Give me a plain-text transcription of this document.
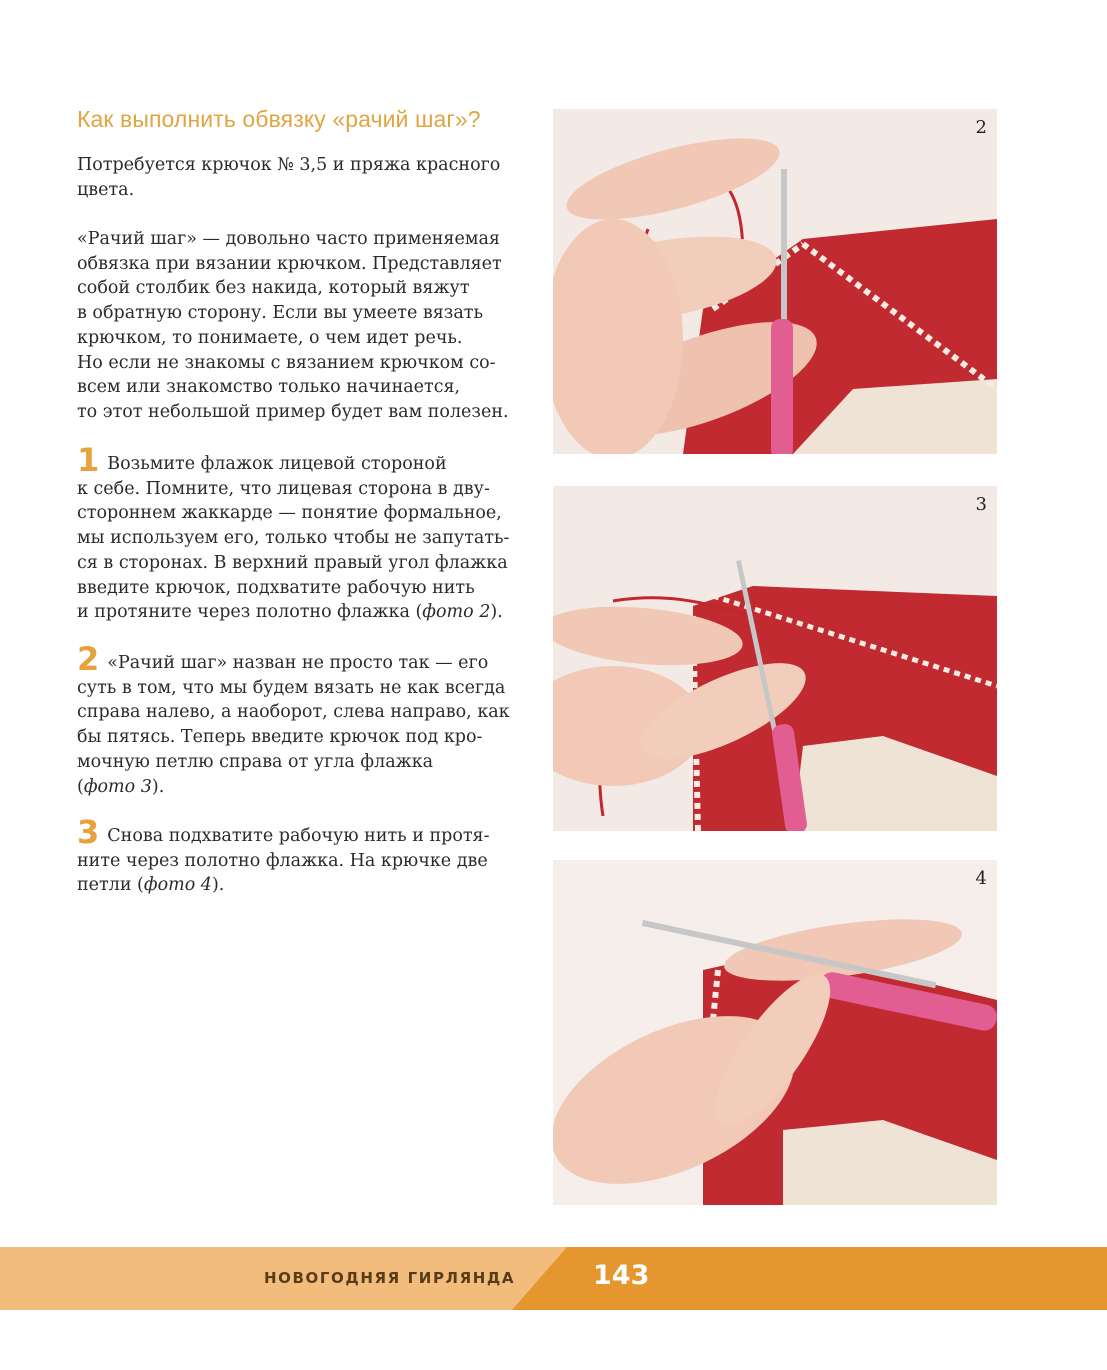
Как выполнить обвязку «рачий шаг»?
Потребуется крючок № 3,5 и пряжа красного
цвета.
«Рачий шаг» — довольно часто применяемая
обвязка при вязании крючком. Представляет
собой столбик без накида, который вяжут
в обратную сторону. Если вы умеете вязать
крючком, то понимаете, о чем идет речь.
Но если не знакомы с вязанием крючком со-
всем или знакомство только начинается,
то этот небольшой пример будет вам полезен.
1 Возьмите флажок лицевой стороной
к себе. Помните, что лицевая сторона в дву-
стороннем жаккарде — понятие формальное,
мы используем его, только чтобы не запутать-
ся в сторонах. В верхний правый угол флажка
введите крючок, подхватите рабочую нить
и протяните через полотно флажка (фото 2).
2 «Рачий шаг» назван не просто так — его
суть в том, что мы будем вязать не как всегда
справа налево, а наоборот, слева направо, как
бы пятясь. Теперь введите крючок под кро-
мочную петлю справа от угла флажка
(фото 3).
3 Снова подхватите рабочую нить и протя-
ните через полотно флажка. На крючке две
петли (фото 4).
2
3
4
НОВОГОДНЯЯ ГИРЛЯНДА	143
